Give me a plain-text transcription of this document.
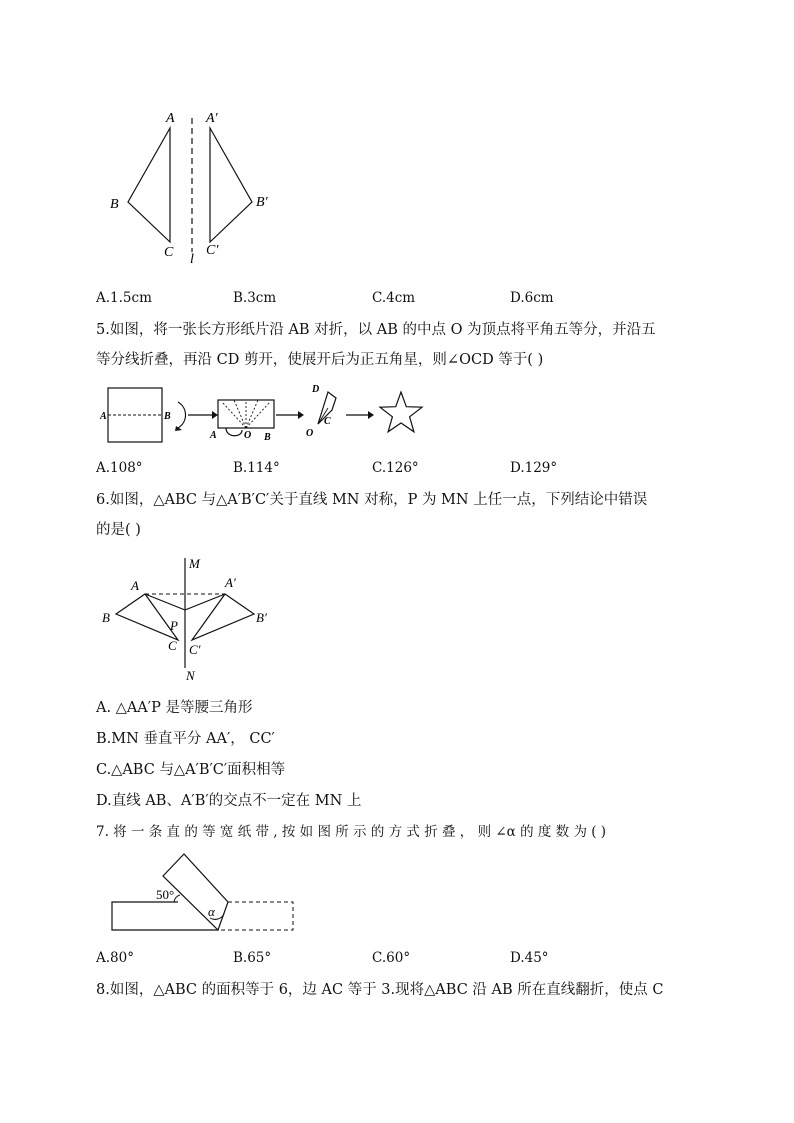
A A′
B	B′
C C′
l
A.1.5cm	B.3cm	C.4cm	D.6cm
5.如图，将一张长方形纸片沿 AB 对折，以 AB 的中点 O 为顶点将平角五等分，并沿五
等分线折叠，再沿 CD 剪开，使展开后为正五角星，则∠OCD 等于( )
A	B
A	O B
D
O
C
A.108°	B.114°	C.126°	D.129°
6.如图，△ABC 与△A′B′C′关于直线 MN 对称，P 为 MN 上任一点，下列结论中错误
的是( )
M
N
A	A′
B	B′
P
C C′
A. △AA′P 是等腰三角形
B.MN 垂直平分 AA′， CC′
C.△ABC 与△A′B′C′面积相等
D.直线 AB、A′B′的交点不一定在 MN 上
7. 将 一 条 直 的 等 宽 纸 带 , 按 如 图 所 示 的 方 式 折 叠 ， 则 ∠α 的 度 数 为 ( )
50°
α
A.80°	B.65°	C.60°	D.45°
8.如图，△ABC 的面积等于 6，边 AC 等于 3.现将△ABC 沿 AB 所在直线翻折，使点 C
